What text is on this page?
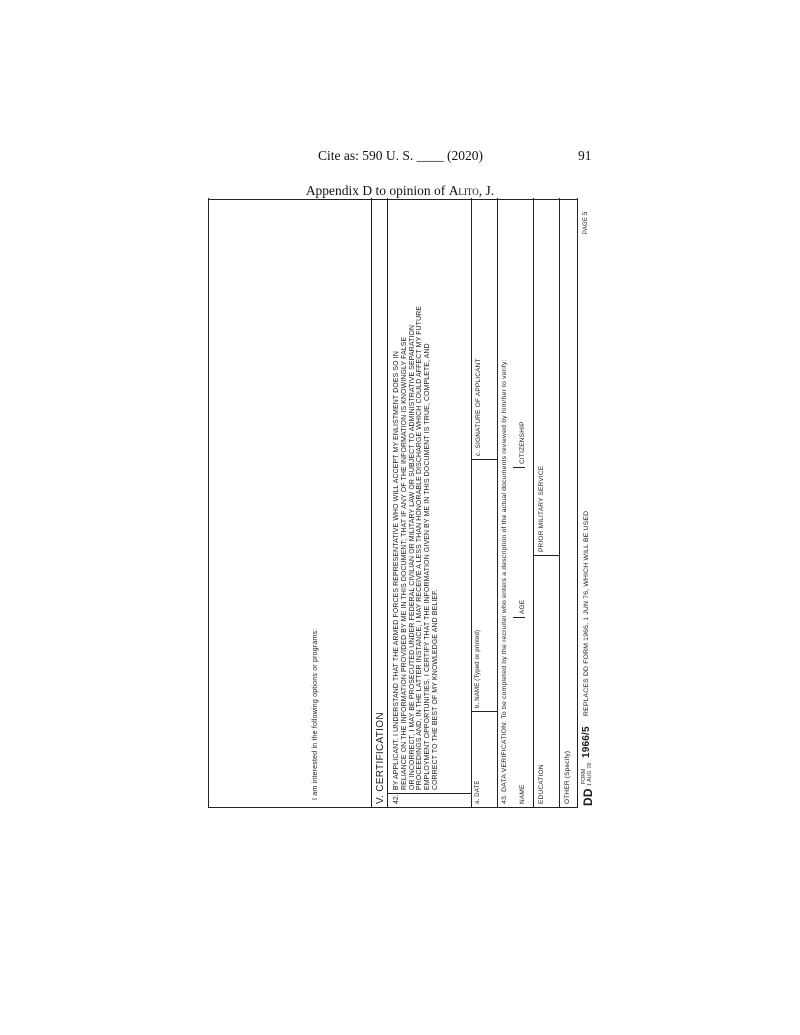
Cite as: 590 U. S. ____ (2020)	91
Appendix D to opinion of Alito, J.
I am interested in the following options or programs:	V. CERTIFICATION 42.
BY APPLICANT. I UNDERSTAND THAT THE ARMED FORCES REPRESENTATIVE WHO WILL ACCEPT MY ENLISTMENT DOES SO IN
RELIANCE ON THE INFORMATION PROVIDED BY ME IN THIS DOCUMENT; THAT IF ANY OF THE INFORMATION IS KNOWINGLY FALSE
OR INCORRECT, I MAY BE PROSECUTED UNDER FEDERAL CIVILIAN OR MILITARY LAW OR SUBJECT TO ADMINISTRATIVE SEPARATION
PROCEEDINGS AND, IN THE LATTER INSTANCE, I MAY RECEIVE A LESS THAN HONORABLE DISCHARGE WHICH COULD AFFECT MY FUTURE
EMPLOYMENT OPPORTUNITIES. I CERTIFY THAT THE INFORMATION GIVEN BY ME IN THIS DOCUMENT IS TRUE, COMPLETE, AND
CORRECT TO THE BEST OF MY KNOWLEDGE AND BELIEF.
a. DATE
b. NAME (Typed or printed)
c. SIGNATURE OF APPLICANT	43. DATA VERIFICATION: To be completed by the recruiter who enters a description of the actual documents reviewed by him/her to verify: NAME
AGE
CITIZENSHIP
EDUCATION
PRIOR MILITARY SERVICE
OTHER (Specify) DD
FORM 1 AUG 78
1966/5
REPLACES DD FORM 1966, 1 JUN 76, WHICH WILL BE USED
PAGE 5
